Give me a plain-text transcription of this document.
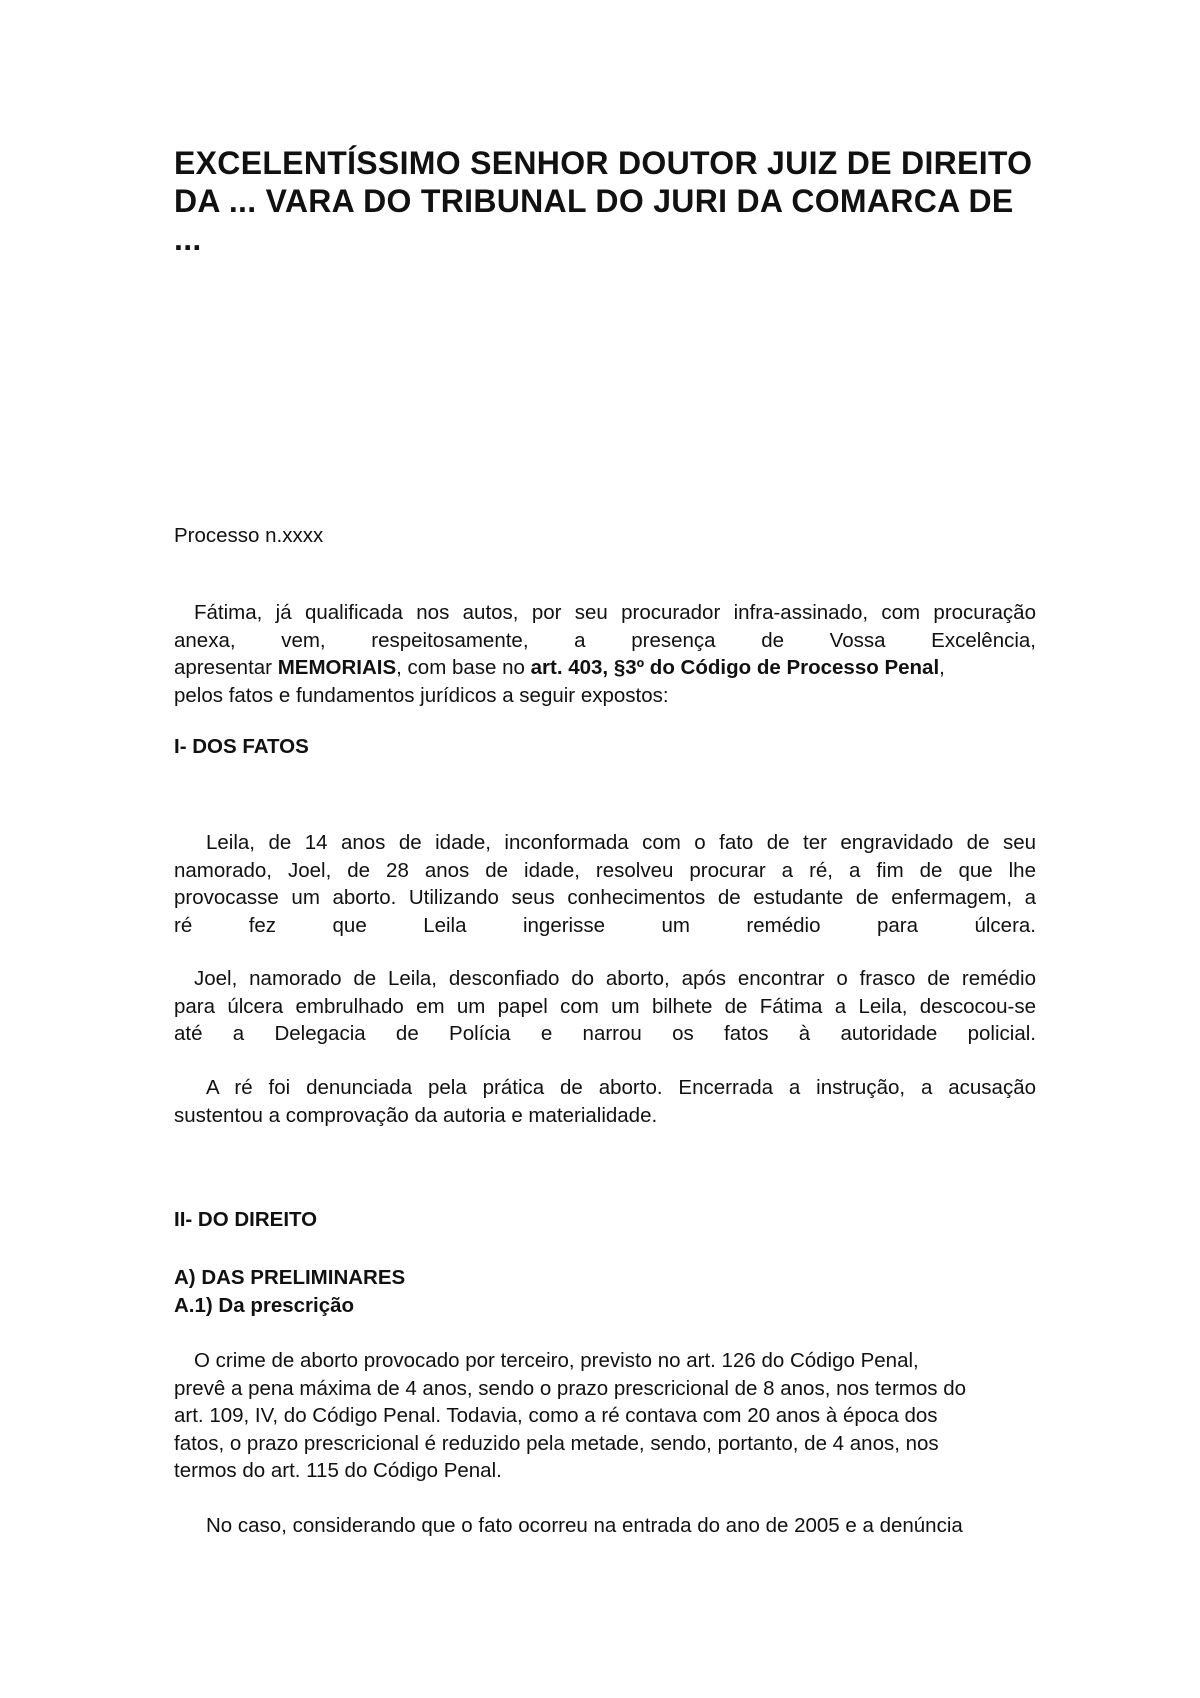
EXCELENTÍSSIMO SENHOR DOUTOR JUIZ DE DIREITO
DA ... VARA DO TRIBUNAL DO JURI DA COMARCA DE
...

Processo n.xxxx

Fátima, já qualificada nos autos, por seu procurador infra-assinado, com procuração
anexa, vem, respeitosamente, a presença de Vossa Excelência,
apresentar MEMORIAIS, com base no art. 403, §3º do Código de Processo Penal,
pelos fatos e fundamentos jurídicos a seguir expostos:

I- DOS FATOS

Leila, de 14 anos de idade, inconformada com o fato de ter engravidado de seu
namorado, Joel, de 28 anos de idade, resolveu procurar a ré, a fim de que lhe
provocasse um aborto. Utilizando seus conhecimentos de estudante de enfermagem, a
ré fez que Leila ingerisse um remédio para úlcera.
Joel, namorado de Leila, desconfiado do aborto, após encontrar o frasco de remédio
para úlcera embrulhado em um papel com um bilhete de Fátima a Leila, descocou-se
até a Delegacia de Polícia e narrou os fatos à autoridade policial.
A ré foi denunciada pela prática de aborto. Encerrada a instrução, a acusação
sustentou a comprovação da autoria e materialidade.

II- DO DIREITO

A) DAS PRELIMINARES

A.1) Da prescrição

O crime de aborto provocado por terceiro, previsto no art. 126 do Código Penal,
prevê a pena máxima de 4 anos, sendo o prazo prescricional de 8 anos, nos termos do
art. 109, IV, do Código Penal. Todavia, como a ré contava com 20 anos à época dos
fatos, o prazo prescricional é reduzido pela metade, sendo, portanto, de 4 anos, nos
termos do art. 115 do Código Penal.
No caso, considerando que o fato ocorreu na entrada do ano de 2005 e a denúncia
